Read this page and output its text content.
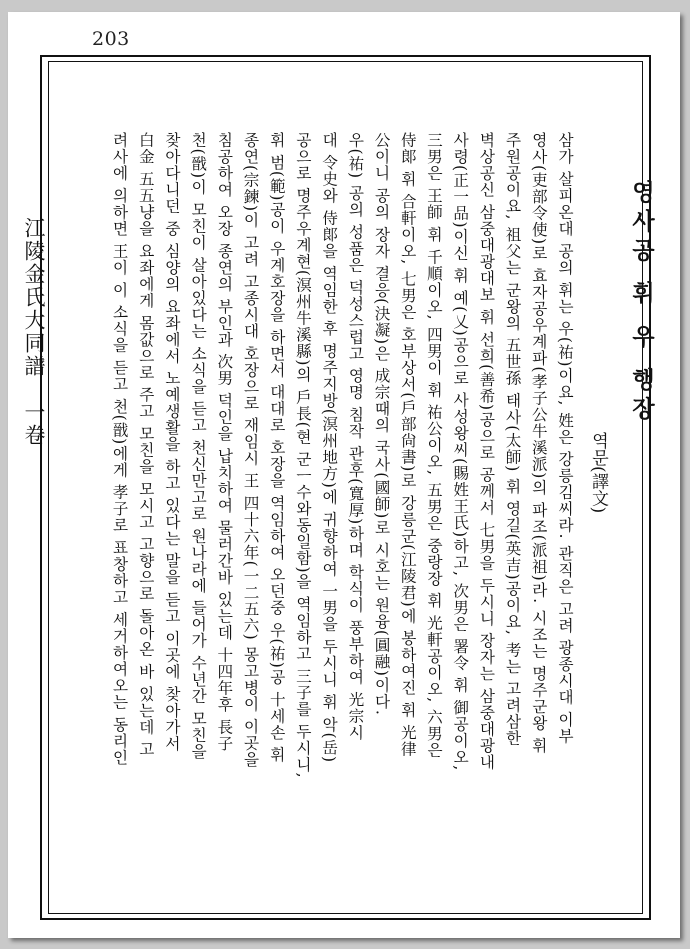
203
江陵金氏大同譜　一卷	영사공 휘 우 행장
역문(譯文)

삼가 살피온대 공의 휘는 우(祐)이요, 姓은 강릉김씨라. 관직은 고려 광종시대 이부

영사(吏部令使)로 효자공우계파(孝子公牛溪派)의 파조(派祖)라. 시조는 명주군왕 휘

주원공이요, 祖父는 군왕의 五世孫 태사(太師) 휘 영길(英吉)공이요, 考는 고려삼한

벽상공신 삼중대광대보 휘 선희(善希)공으로 공께서 七男을 두시니 장자는 삼중대광내

사령(正一品)이신 휘 예(乂)공으로 사성왕씨(賜姓王氏)하고, 次男은 署令 휘 御공이오,

三男은 王師 휘 千順이오, 四男이 휘 祐公이오, 五男은 중랑장 휘 光軒공이오, 六男은

侍郞 휘 合軒이오, 七男은 호부상서(戶部尙書)로 강릉군(江陵君)에 봉하여진 휘 光律

公이니 공의 장자 결응(決凝)은 成宗때의 국사(國師)로 시호는 원융(圓融)이다.

우(祐) 공의 성품은 덕성스럽고 영명 침작 관후(寬厚)하며 학식이 풍부하여 光宗시

대 令史와 侍郞을 역임한 후 명주지방(溟州地方)에 귀향하여 一男을 두시니 휘 악(岳)

공으로 명주우계현(溟州牛溪縣)의 戶長(현 군ㅡ수와동일함)을 역임하고 三子를 두시니,

휘 범(範)공이 우계호장을 하면서 대대로 호장을 역임하여 오던중 우(祐)공 十세손 휘

종연(宗鍊)이 고려 고종시대 호장으로 재임시 王 四十六年(一二五六) 몽고병이 이곳을

침공하여 오장 종연의 부인과 次男 덕인을 납치하여 물러간바 있는데 十四年후 長子

천(戩)이 모친이 살아있다는 소식을 듣고 천신만고로 원나라에 들어가 수년간 모친을

찾아다니던 중 심양의 요좌에서 노예생활을 하고 있다는 말을 듣고 이곳에 찾아가서

白金 五五냥을 요좌에게 몸값으로 주고 모친을 모시고 고향으로 돌아온 바 있는데 고

려사에 의하면 王이 이 소식을 듣고 천(戩)에게 孝子로 표창하고 세거하여오는 동리인
